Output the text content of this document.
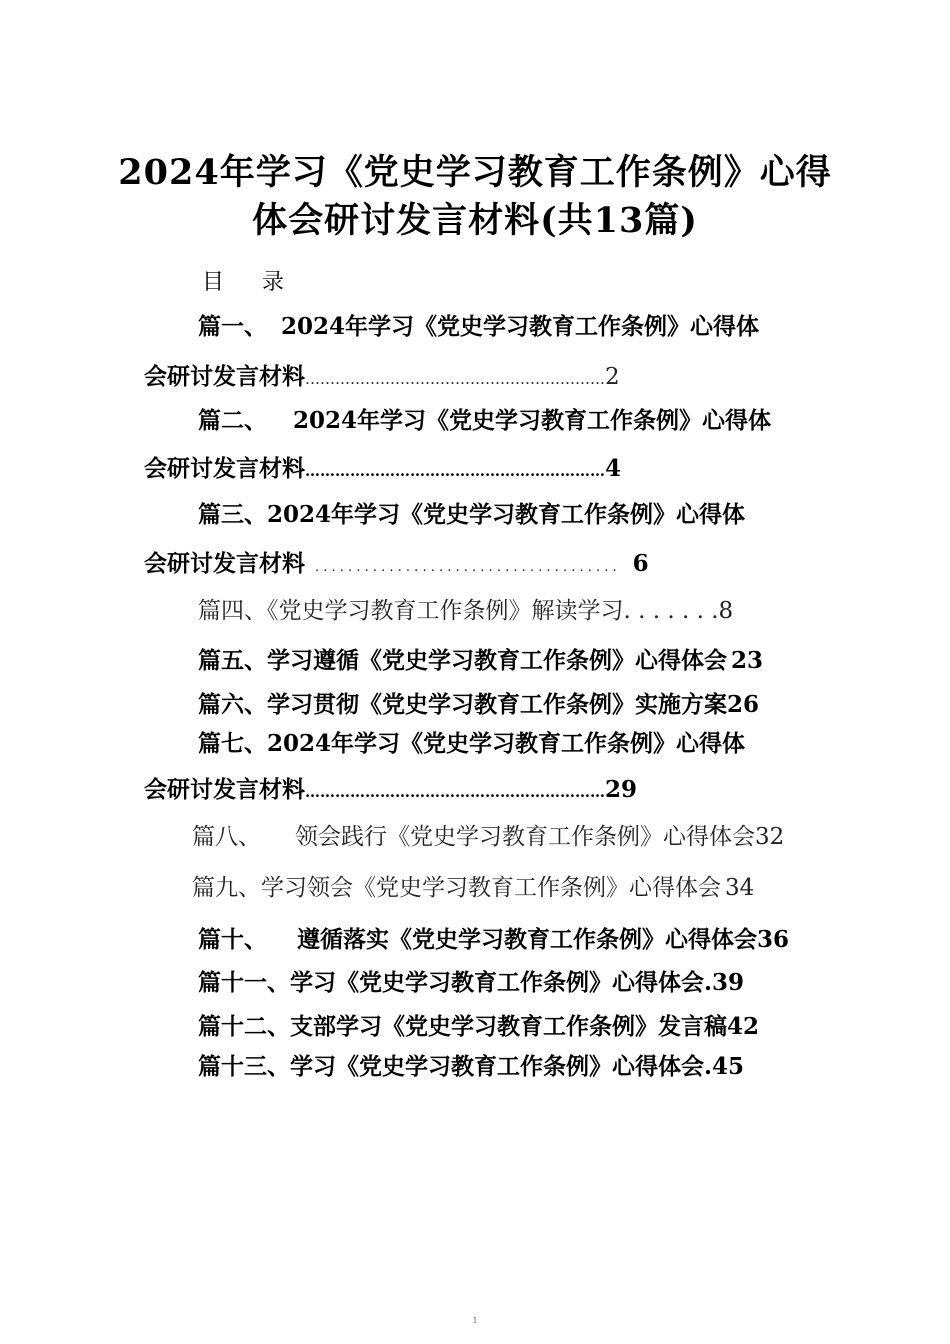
2024年学习《党史学习教育工作条例》心得
体会研讨发言材料(共13篇)
目 录
篇一、 2024年学习《党史学习教育工作条例》心得体
会研讨发言材料……………………………………………………2
篇二、 2024年学习《党史学习教育工作条例》心得体
会研讨发言材料……………………………………………………4
篇三、2024年学习《党史学习教育工作条例》心得体
会研讨发言材料 . . . . . . . . . . . . . . . . . . . . . . . . . . . . . . . . . . . . . 6
篇四、《党史学习教育工作条例》解读学习. . . . . . .8
篇五、学习遵循《党史学习教育工作条例》心得体会 23
篇六、学习贯彻《党史学习教育工作条例》实施方案26
篇七、2024年学习《党史学习教育工作条例》心得体
会研讨发言材料……………………………………………………29
篇八、 领会践行《党史学习教育工作条例》心得体会32
篇九、学习领会《党史学习教育工作条例》心得体会 34
篇十、 遵循落实《党史学习教育工作条例》心得体会36
篇十一、学习《党史学习教育工作条例》心得体会.39
篇十二、支部学习《党史学习教育工作条例》发言稿42
篇十三、学习《党史学习教育工作条例》心得体会.45
1
